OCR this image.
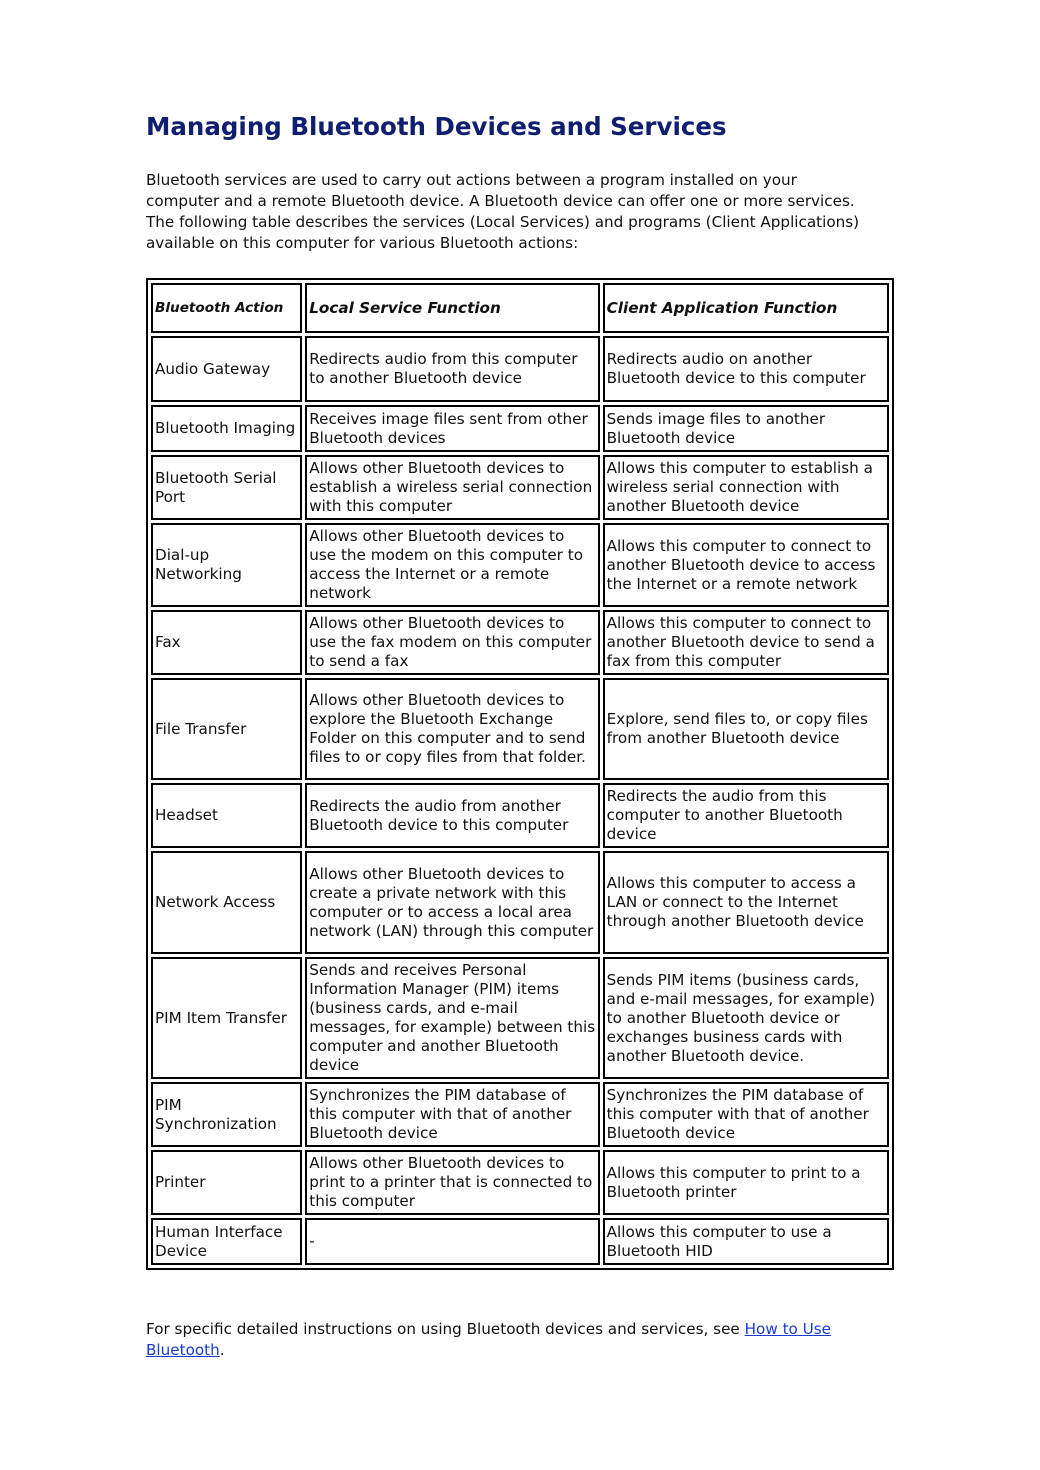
Managing Bluetooth Devices and Services

Bluetooth services are used to carry out actions between a program installed on your
computer and a remote Bluetooth device. A Bluetooth device can offer one or more services.
The following table describes the services (Local Services) and programs (Client Applications)
available on this computer for various Bluetooth actions:

Bluetooth Action	Local Service Function	Client Application Function
Audio Gateway	Redirects audio from this computer to another Bluetooth device	Redirects audio on another Bluetooth device to this computer
Bluetooth Imaging	Receives image files sent from other Bluetooth devices	Sends image files to another Bluetooth device
Bluetooth Serial Port	Allows other Bluetooth devices to establish a wireless serial connection with this computer	Allows this computer to establish a wireless serial connection with another Bluetooth device
Dial-up Networking	Allows other Bluetooth devices to use the modem on this computer to access the Internet or a remote network	Allows this computer to connect to another Bluetooth device to access the Internet or a remote network
Fax	Allows other Bluetooth devices to use the fax modem on this computer to send a fax	Allows this computer to connect to another Bluetooth device to send a fax from this computer
File Transfer	Allows other Bluetooth devices to explore the Bluetooth Exchange Folder on this computer and to send files to or copy files from that folder.	Explore, send files to, or copy files from another Bluetooth device
Headset	Redirects the audio from another Bluetooth device to this computer	Redirects the audio from this computer to another Bluetooth device
Network Access	Allows other Bluetooth devices to create a private network with this computer or to access a local area network (LAN) through this computer	Allows this computer to access a LAN or connect to the Internet through another Bluetooth device
PIM Item Transfer	Sends and receives Personal Information Manager (PIM) items (business cards, and e-mail messages, for example) between this computer and another Bluetooth device	Sends PIM items (business cards, and e-mail messages, for example) to another Bluetooth device or exchanges business cards with another Bluetooth device.
PIM Synchronization	Synchronizes the PIM database of this computer with that of another Bluetooth device	Synchronizes the PIM database of this computer with that of another Bluetooth device
Printer	Allows other Bluetooth devices to print to a printer that is connected to this computer	Allows this computer to print to a Bluetooth printer
Human Interface Device	-	Allows this computer to use a Bluetooth HID

For specific detailed instructions on using Bluetooth devices and services, see How to Use Bluetooth.
